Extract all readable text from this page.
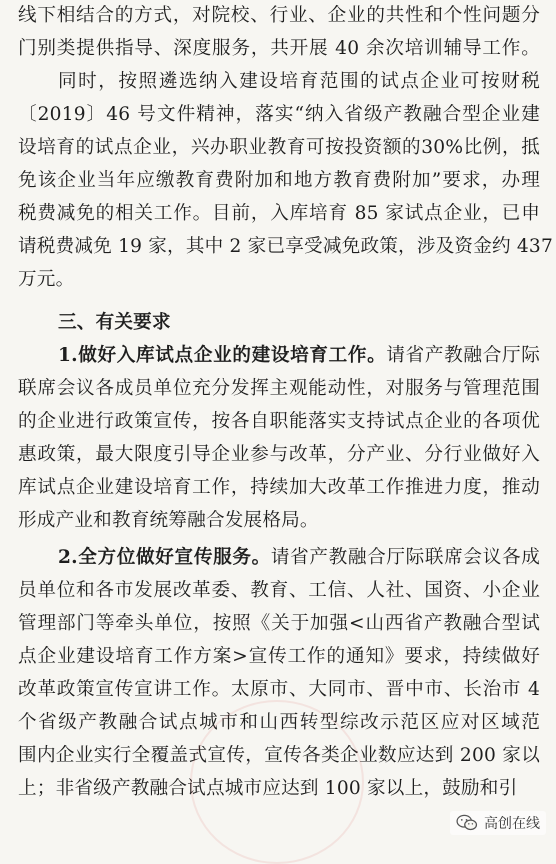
线下相结合的方式，对院校、行业、企业的共性和个性问题分
门别类提供指导、深度服务，共开展 40 余次培训辅导工作。
同时，按照遴选纳入建设培育范围的试点企业可按财税
〔2019〕46 号文件精神，落实“纳入省级产教融合型企业建
设培育的试点企业，兴办职业教育可按投资额的30%比例，抵
免该企业当年应缴教育费附加和地方教育费附加”要求，办理
税费减免的相关工作。目前，入库培育 85 家试点企业，已申
请税费减免 19 家，其中 2 家已享受减免政策，涉及资金约 437
万元。
三、有关要求
1.做好入库试点企业的建设培育工作。请省产教融合厅际
联席会议各成员单位充分发挥主观能动性，对服务与管理范围
的企业进行政策宣传，按各自职能落实支持试点企业的各项优
惠政策，最大限度引导企业参与改革，分产业、分行业做好入
库试点企业建设培育工作，持续加大改革工作推进力度，推动
形成产业和教育统筹融合发展格局。
2.全方位做好宣传服务。请省产教融合厅际联席会议各成
员单位和各市发展改革委、教育、工信、人社、国资、小企业
管理部门等牵头单位，按照《关于加强<山西省产教融合型试
点企业建设培育工作方案>宣传工作的通知》要求，持续做好
改革政策宣传宣讲工作。太原市、大同市、晋中市、长治市 4
个省级产教融合试点城市和山西转型综改示范区应对区域范
围内企业实行全覆盖式宣传，宣传各类企业数应达到 200 家以
上；非省级产教融合试点城市应达到 100 家以上，鼓励和引
高创在线
